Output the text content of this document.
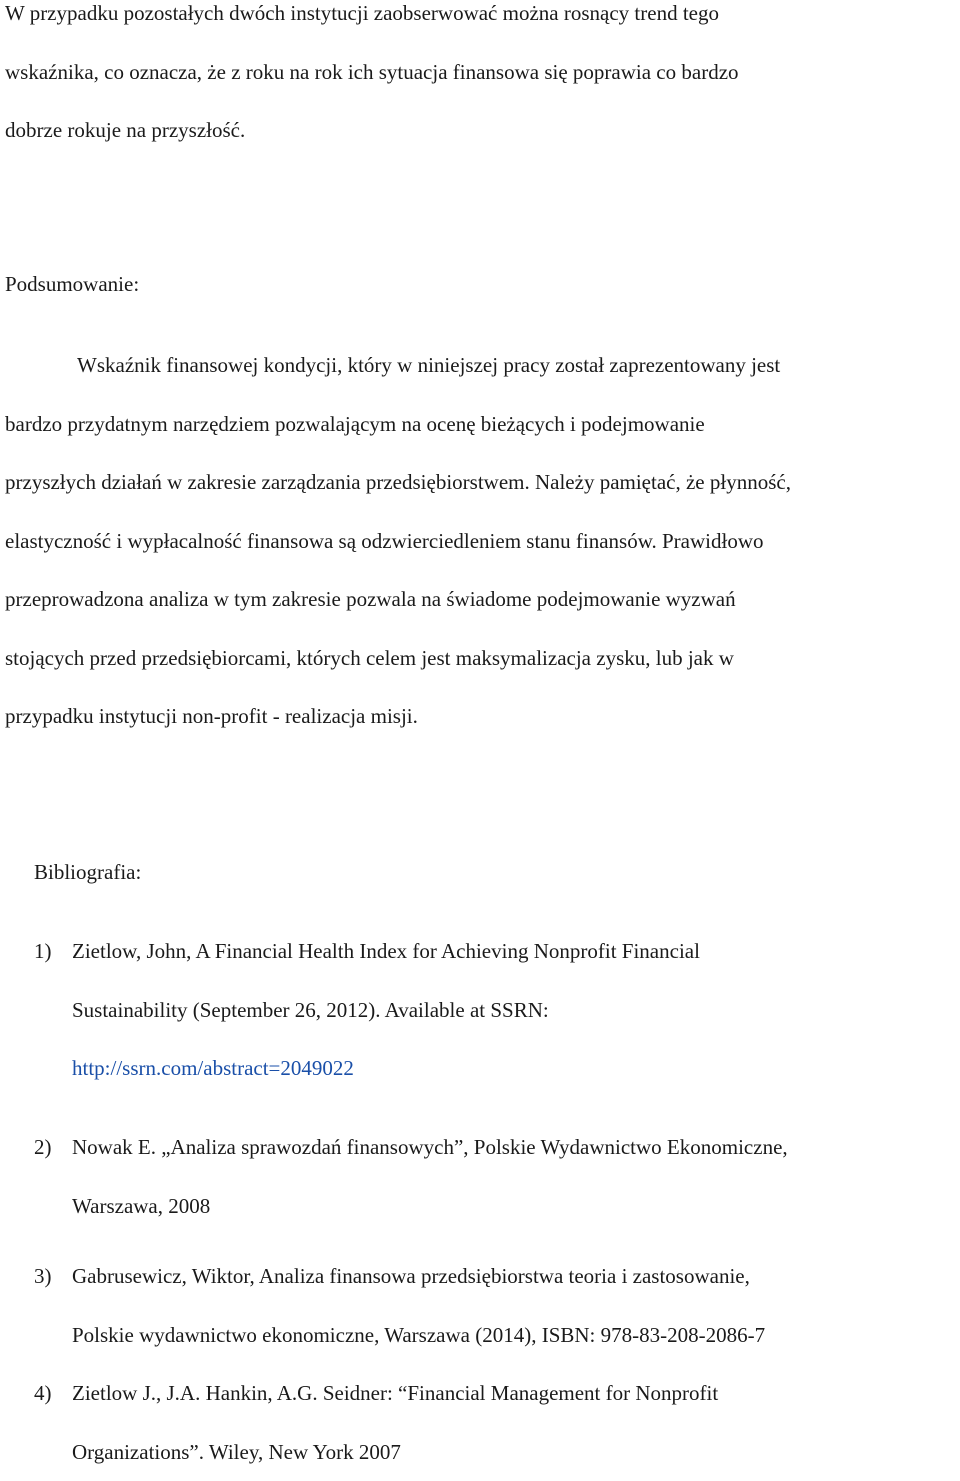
W przypadku pozostałych dwóch instytucji zaobserwować można rosnący trend tego
wskaźnika, co oznacza, że z roku na rok ich sytuacja finansowa się poprawia co bardzo
dobrze rokuje na przyszłość.

Podsumowanie:

Wskaźnik finansowej kondycji, który w niniejszej pracy został zaprezentowany jest
bardzo przydatnym narzędziem pozwalającym na ocenę bieżących i podejmowanie
przyszłych działań w zakresie zarządzania przedsiębiorstwem. Należy pamiętać, że płynność,
elastyczność i wypłacalność finansowa są odzwierciedleniem stanu finansów. Prawidłowo
przeprowadzona analiza w tym zakresie pozwala na świadome podejmowanie wyzwań
stojących przed przedsiębiorcami, których celem jest maksymalizacja zysku, lub jak w
przypadku instytucji non-profit - realizacja misji.

Bibliografia:

1) Zietlow, John, A Financial Health Index for Achieving Nonprofit Financial
Sustainability (September 26, 2012). Available at SSRN:
http://ssrn.com/abstract=2049022
2) Nowak E. „Analiza sprawozdań finansowych”, Polskie Wydawnictwo Ekonomiczne,
Warszawa, 2008
3) Gabrusewicz, Wiktor, Analiza finansowa przedsiębiorstwa teoria i zastosowanie,
Polskie wydawnictwo ekonomiczne, Warszawa (2014), ISBN: 978-83-208-2086-7
4) Zietlow J., J.A. Hankin, A.G. Seidner: “Financial Management for Nonprofit
Organizations”. Wiley, New York 2007
